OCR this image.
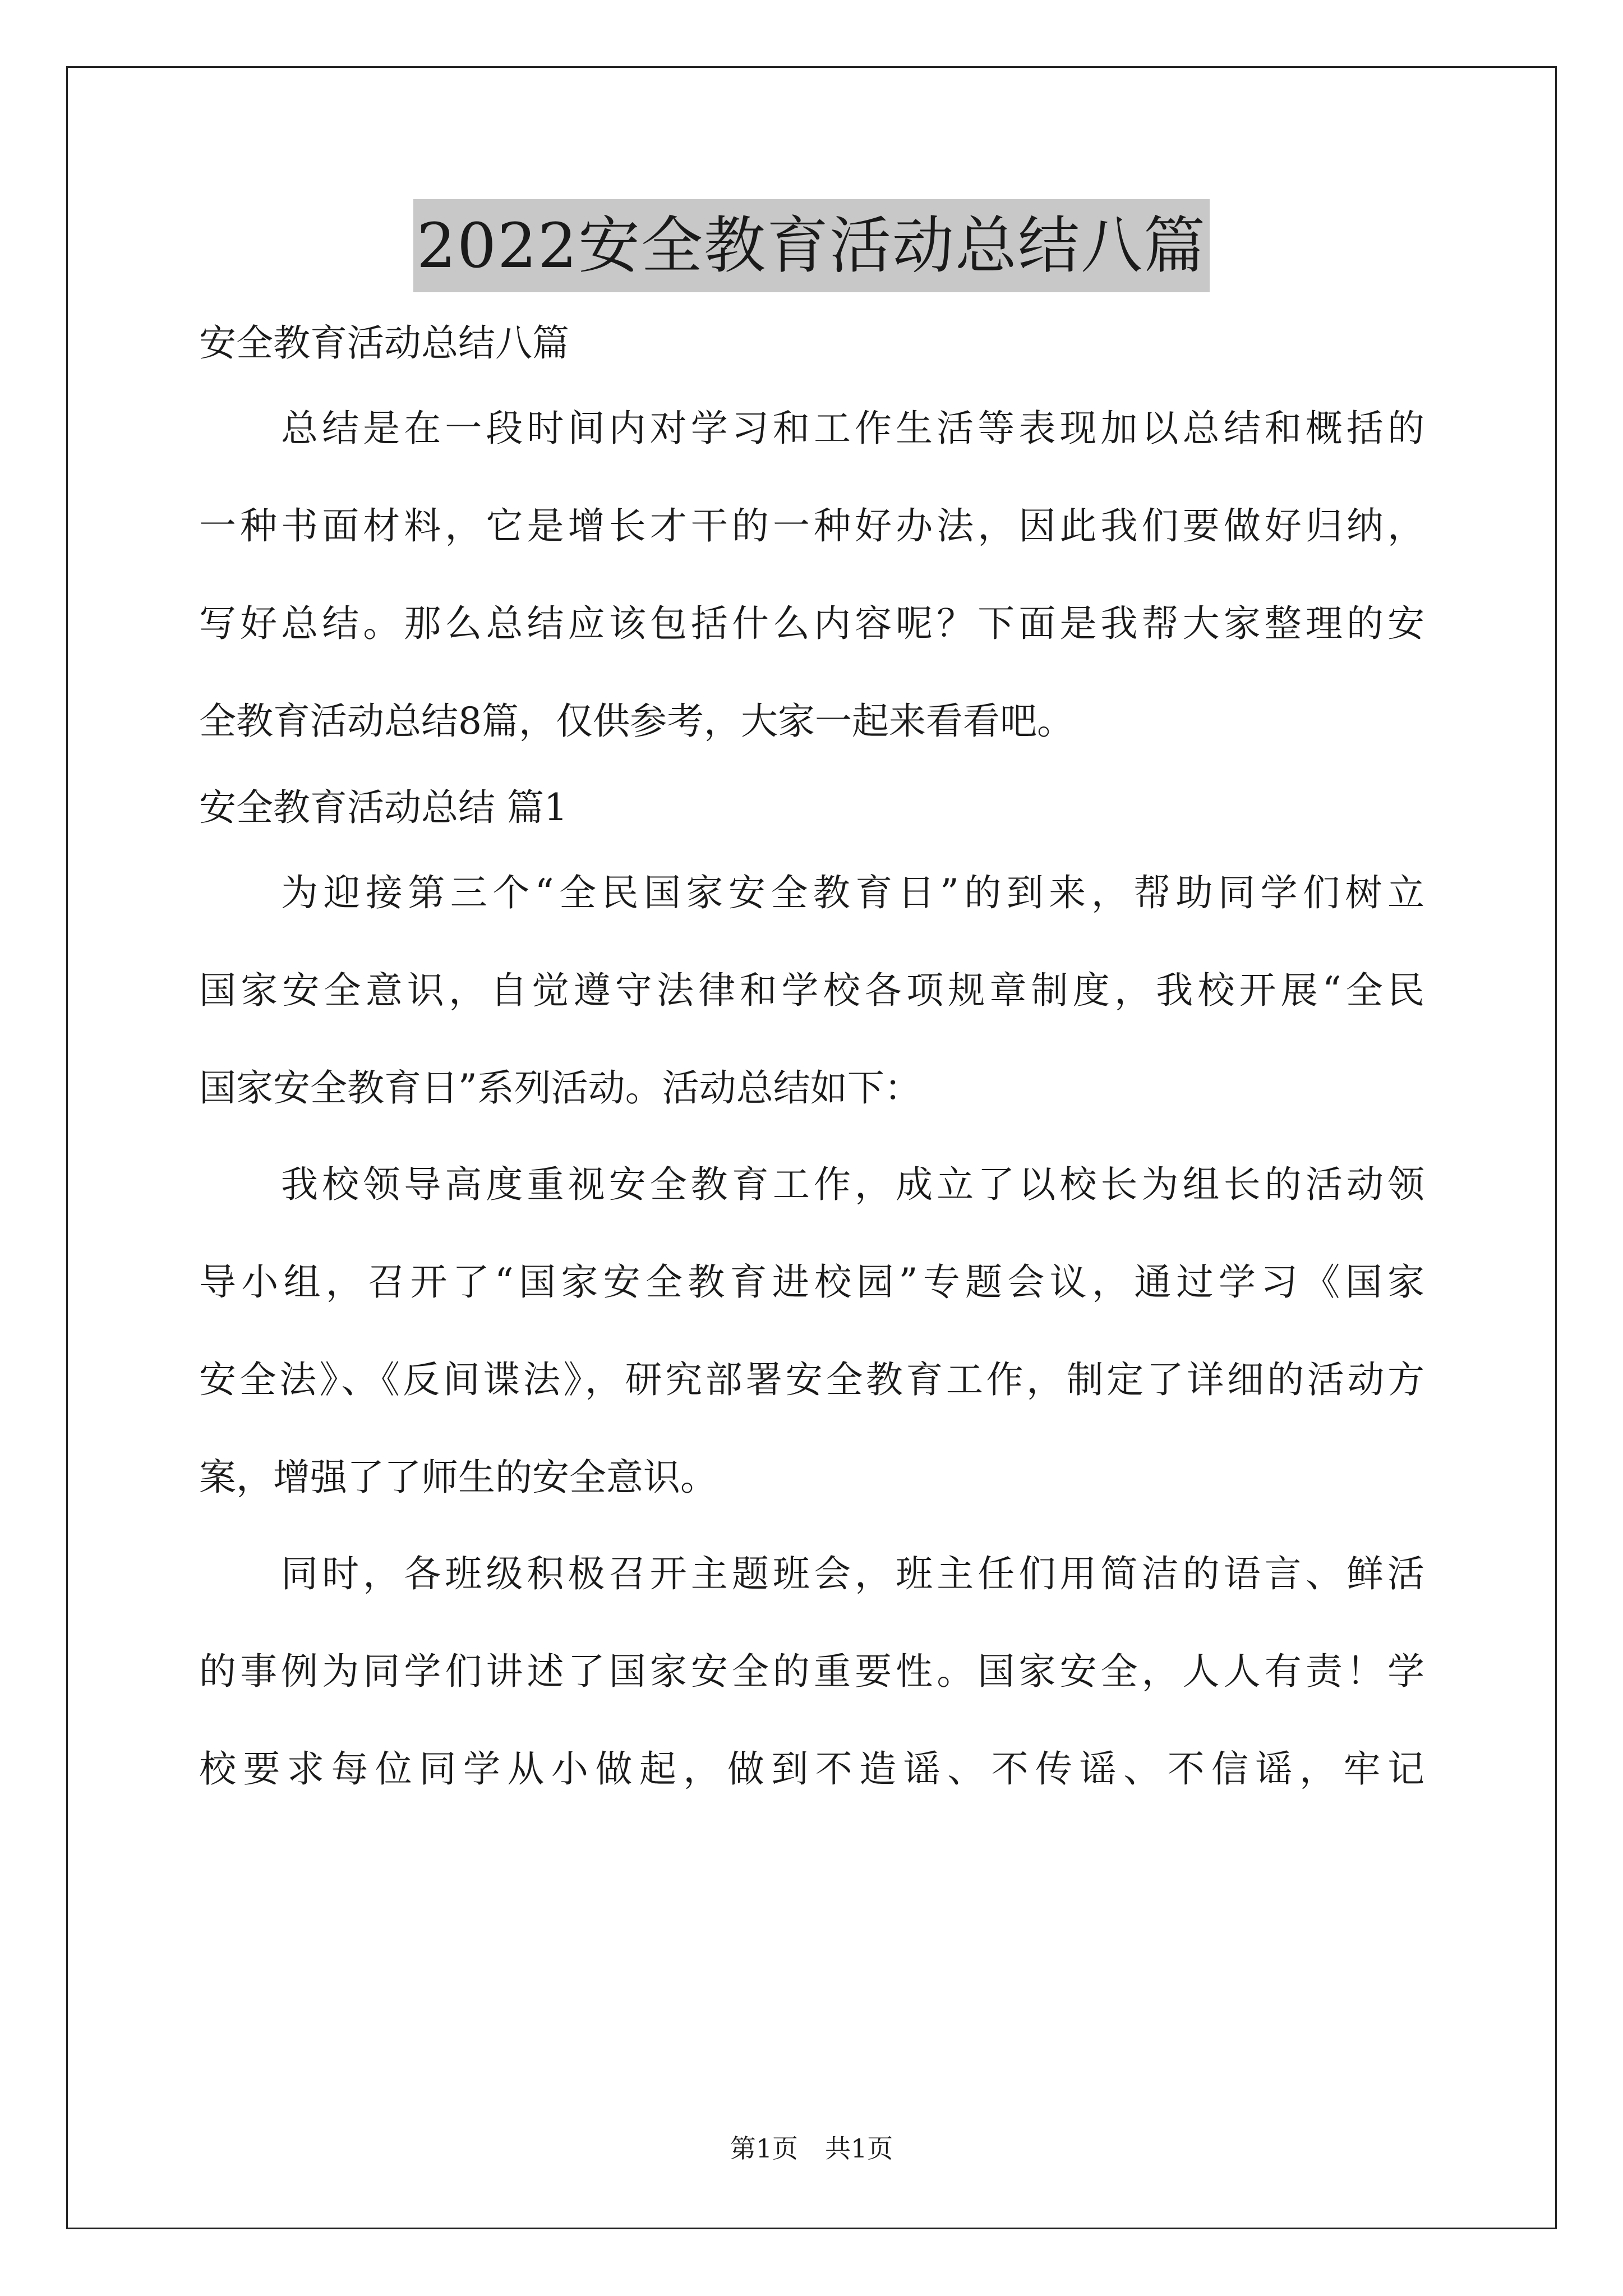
2022安全教育活动总结八篇
安全教育活动总结八篇
总结是在一段时间内对学习和工作生活等表现加以总结和概括的
一种书面材料，它是增长才干的一种好办法，因此我们要做好归纳，
写好总结。那么总结应该包括什么内容呢？下面是我帮大家整理的安
全教育活动总结8篇，仅供参考，大家一起来看看吧。
安全教育活动总结 篇1
为迎接第三个“全民国家安全教育日”的到来，帮助同学们树立
国家安全意识，自觉遵守法律和学校各项规章制度，我校开展“全民
国家安全教育日”系列活动。活动总结如下：
我校领导高度重视安全教育工作，成立了以校长为组长的活动领
导小组，召开了“国家安全教育进校园”专题会议，通过学习《国家
安全法》、《反间谍法》，研究部署安全教育工作，制定了详细的活动方
案，增强了了师生的安全意识。
同时，各班级积极召开主题班会，班主任们用简洁的语言、鲜活
的事例为同学们讲述了国家安全的重要性。国家安全，人人有责！学
校要求每位同学从小做起，做到不造谣、不传谣、不信谣，牢记
第1页 共1页
